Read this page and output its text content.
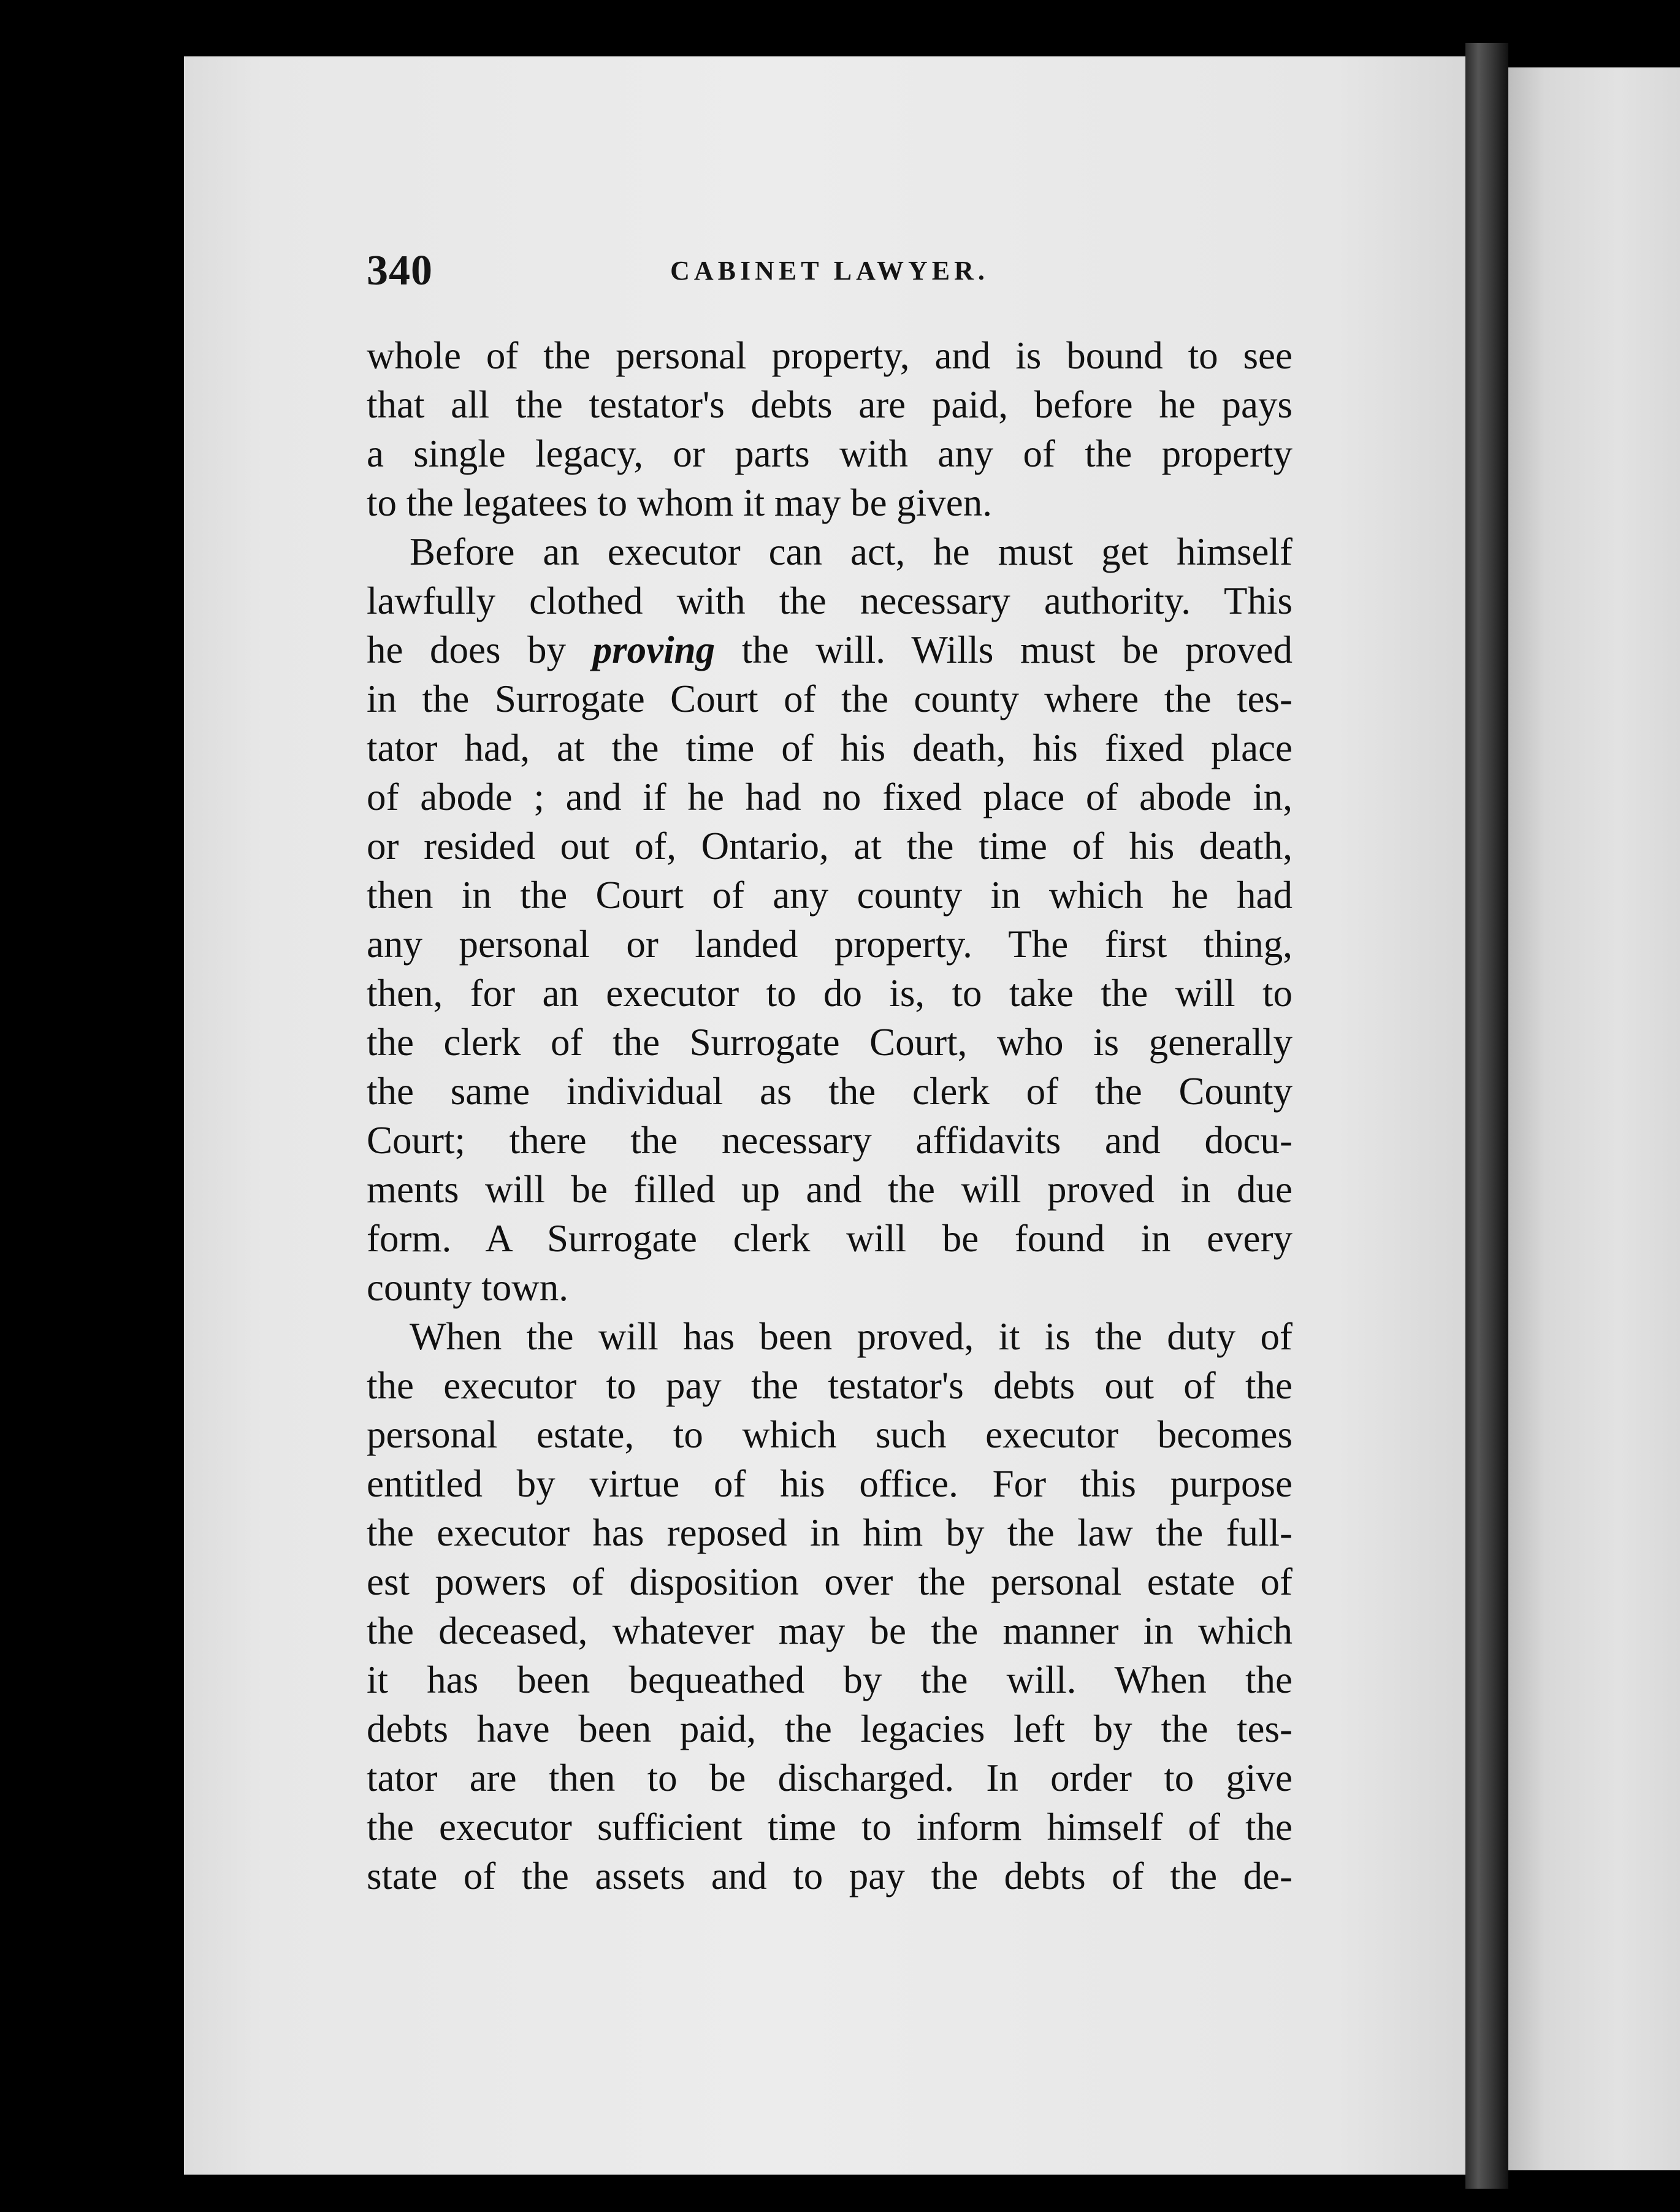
340	CABINET LAWYER.
whole of the personal property, and is bound to see
that all the testator's debts are paid, before he pays
a single legacy, or parts with any of the property
to the legatees to whom it may be given.
Before an executor can act, he must get himself
lawfully clothed with the necessary authority. This
he does by proving the will. Wills must be proved
in the Surrogate Court of the county where the tes-
tator had, at the time of his death, his fixed place
of abode ; and if he had no fixed place of abode in,
or resided out of, Ontario, at the time of his death,
then in the Court of any county in which he had
any personal or landed property. The first thing,
then, for an executor to do is, to take the will to
the clerk of the Surrogate Court, who is generally
the same individual as the clerk of the County
Court; there the necessary affidavits and docu-
ments will be filled up and the will proved in due
form. A Surrogate clerk will be found in every
county town.
When the will has been proved, it is the duty of
the executor to pay the testator's debts out of the
personal estate, to which such executor becomes
entitled by virtue of his office. For this purpose
the executor has reposed in him by the law the full-
est powers of disposition over the personal estate of
the deceased, whatever may be the manner in which
it has been bequeathed by the will. When the
debts have been paid, the legacies left by the tes-
tator are then to be discharged. In order to give
the executor sufficient time to inform himself of the
state of the assets and to pay the debts of the de-
